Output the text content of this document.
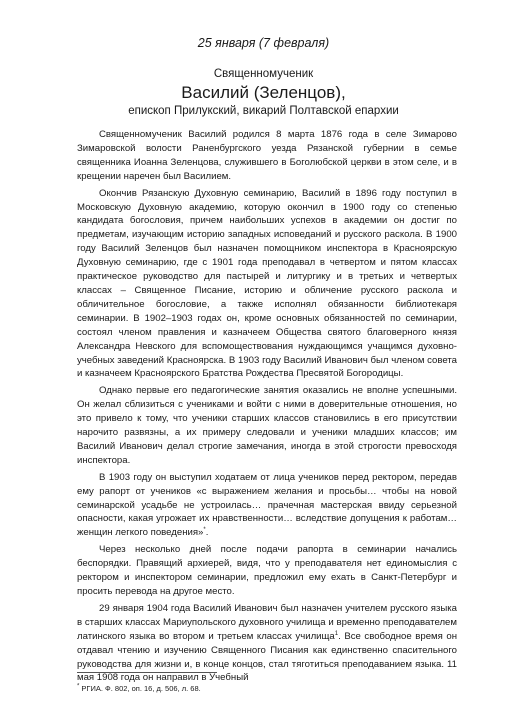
25 января (7 февраля)
Священномученик
Василий (Зеленцов),
епископ Прилукский, викарий Полтавской епархии

Священномученик Василий родился 8 марта 1876 года в селе Зимарово Зимаровской волости Раненбургского уезда Рязанской губернии в семье священника Иоанна Зеленцова, служившего в Боголюбской церкви в этом селе, и в крещении наречен был Василием.

Окончив Рязанскую Духовную семинарию, Василий в 1896 году поступил в Московскую Духовную академию, которую окончил в 1900 году со степенью кандидата богословия, причем наибольших успехов в академии он достиг по предметам, изучающим историю западных исповеданий и русского раскола. В 1900 году Василий Зеленцов был назначен помощником инспектора в Красноярскую Духовную семинарию, где с 1901 года преподавал в четвертом и пятом классах практическое руководство для пастырей и литургику и в третьих и четвертых классах – Священное Писание, историю и обличение русского раскола и обличительное богословие, а также исполнял обязанности библиотекаря семинарии. В 1902–1903 годах он, кроме основных обязанностей по семинарии, состоял членом правления и казначеем Общества святого благоверного князя Александра Невского для вспомоществования нуждающимся учащимся духовно-учебных заведений Красноярска. В 1903 году Василий Иванович был членом совета и казначеем Красноярского Братства Рождества Пресвятой Богородицы.

Однако первые его педагогические занятия оказались не вполне успешными. Он желал сблизиться с учениками и войти с ними в доверительные отношения, но это привело к тому, что ученики старших классов становились в его присутствии нарочито развязны, а их примеру следовали и ученики младших классов; им Василий Иванович делал строгие замечания, иногда в этой строгости превосходя инспектора.

В 1903 году он выступил ходатаем от лица учеников перед ректором, передав ему рапорт от учеников «с выражением желания и просьбы… чтобы на новой семинарской усадьбе не устроилась… прачечная мастерская ввиду серьезной опасности, какая угрожает их нравственности… вследствие допущения к работам… женщин легкого поведения»*.

Через несколько дней после подачи рапорта в семинарии начались беспорядки. Правящий архиерей, видя, что у преподавателя нет единомыслия с ректором и инспектором семинарии, предложил ему ехать в Санкт-Петербург и просить перевода на другое место.

29 января 1904 года Василий Иванович был назначен учителем русского языка в старших классах Мариупольского духовного училища и временно преподавателем латинского языка во втором и третьем классах училища$^1$. Все свободное время он отдавал чтению и изучению Священного Писания как единственно спасительного руководства для жизни и, в конце концов, стал тяготиться преподаванием языка. 11 мая 1908 года он направил в Учебный

* РГИА. Ф. 802, оп. 16, д. 506, л. 68.
